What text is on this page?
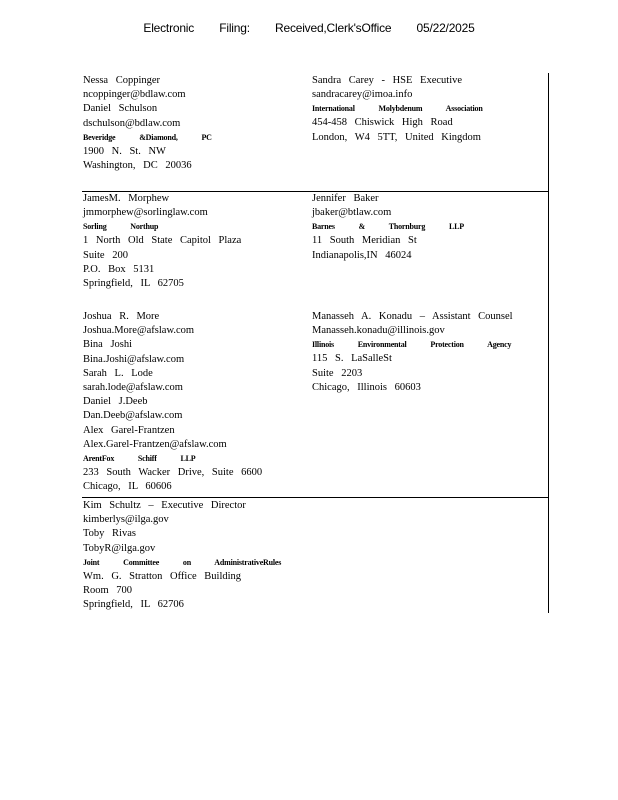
Electronic Filing: Received,Clerk'sOffice 05/22/2025
Nessa Coppinger
ncoppinger@bdlaw.com
Daniel Schulson
dschulson@bdlaw.com
Beveridge &Diamond, PC
1900 N. St. NW
Washington, DC 20036
Sandra Carey - HSE Executive
sandracarey@imoa.info
International Molybdenum Association
454-458 Chiswick High Road
London, W4 5TT, United Kingdom
JamesM. Morphew
jmmorphew@sorlinglaw.com
Sorling Northup
1 North Old State Capitol Plaza
Suite 200
P.O. Box 5131
Springfield, IL 62705
Jennifer Baker
jbaker@btlaw.com
Barnes & Thornburg LLP
11 South Meridian St
Indianapolis,IN 46024
Joshua R. More
Joshua.More@afslaw.com
Bina Joshi
Bina.Joshi@afslaw.com
Sarah L. Lode
sarah.lode@afslaw.com
Daniel J.Deeb
Dan.Deeb@afslaw.com
Alex Garel-Frantzen
Alex.Garel-Frantzen@afslaw.com
ArentFox Schiff LLP
233 South Wacker Drive, Suite 6600
Chicago, IL 60606
Manasseh A. Konadu – Assistant Counsel
Manasseh.konadu@illinois.gov
Illinois Environmental Protection Agency
115 S. LaSalleSt
Suite 2203
Chicago, Illinois 60603
Kim Schultz – Executive Director
kimberlys@ilga.gov
Toby Rivas
TobyR@ilga.gov
Joint Committee on AdministrativeRules
Wm. G. Stratton Office Building
Room 700
Springfield, IL 62706
